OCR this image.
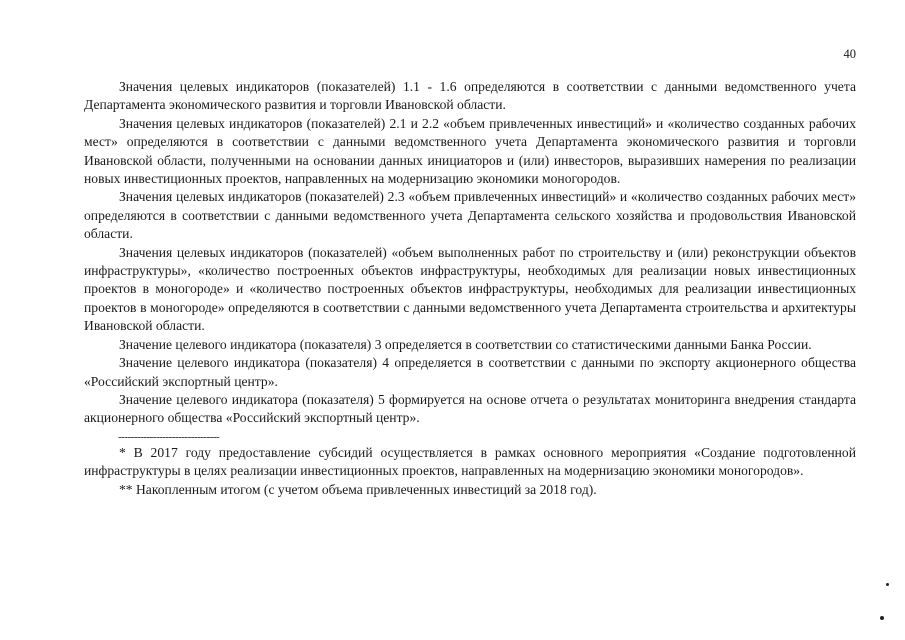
40

Значения целевых индикаторов (показателей) 1.1 - 1.6 определяются в соответствии с данными ведомственного учета Департамента экономического развития и торговли Ивановской области.

Значения целевых индикаторов (показателей) 2.1 и 2.2 «объем привлеченных инвестиций» и «количество созданных рабочих мест» определяются в соответствии с данными ведомственного учета Департамента экономического развития и торговли Ивановской области, полученными на основании данных инициаторов и (или) инвесторов, выразивших намерения по реализации новых инвестиционных проектов, направленных на модернизацию экономики моногородов.

Значения целевых индикаторов (показателей) 2.3 «объем привлеченных инвестиций» и «количество созданных рабочих мест» определяются в соответствии с данными ведомственного учета Департамента сельского хозяйства и продовольствия Ивановской области.

Значения целевых индикаторов (показателей) «объем выполненных работ по строительству и (или) реконструкции объектов инфраструктуры», «количество построенных объектов инфраструктуры, необходимых для реализации новых инвестиционных проектов в моногороде» и «количество построенных объектов инфраструктуры, необходимых для реализации инвестиционных проектов в моногороде» определяются в соответствии с данными ведомственного учета Департамента строительства и архитектуры Ивановской области.

Значение целевого индикатора (показателя) 3 определяется в соответствии со статистическими данными Банка России.

Значение целевого индикатора (показателя) 4 определяется в соответствии с данными по экспорту акционерного общества «Российский экспортный центр».

Значение целевого индикатора (показателя) 5 формируется на основе отчета о результатах мониторинга внедрения стандарта акционерного общества «Российский экспортный центр».

--------------------------------

* В 2017 году предоставление субсидий осуществляется в рамках основного мероприятия «Создание подготовленной инфраструктуры в целях реализации инвестиционных проектов, направленных на модернизацию экономики моногородов».

** Накопленным итогом (с учетом объема привлеченных инвестиций за 2018 год).
